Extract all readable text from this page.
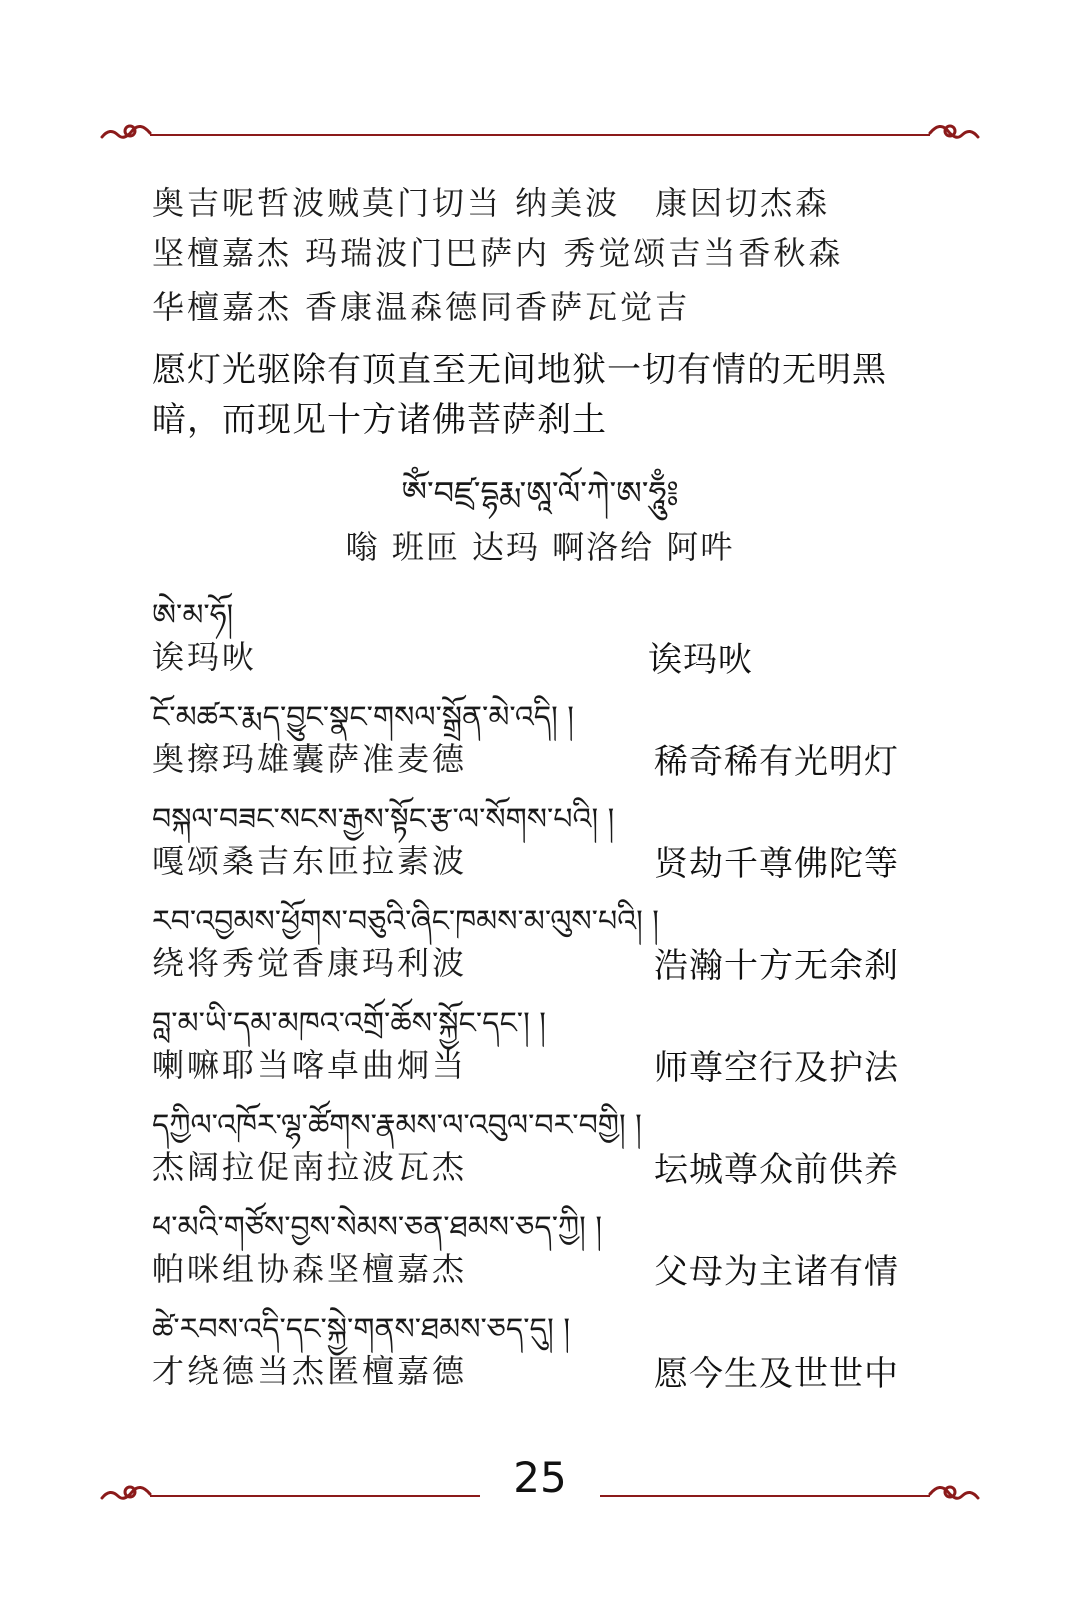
奥吉呢哲波贼莫门切当 纳美波　康因切杰森
坚檀嘉杰 玛瑞波门巴萨内 秀觉颂吉当香秋森
华檀嘉杰 香康温森德同香萨瓦觉吉
愿灯光驱除有顶直至无间地狱一切有情的无明黑
暗，而现见十方诸佛菩萨刹土
ༀ་བཛྲ་དྷརྨ་ཨཱ་ལོ་ཀེ་ཨ་ཧཱུྃ༔
嗡 班匝 达玛 啊洛给 阿吽
ཨེ་མ་ཧོ།
诶玛吙	诶玛吙
ངོ་མཚར་རྨད་བྱུང་སྣང་གསལ་སྒྲོན་མེ་འདི། །
奥擦玛雄囊萨准麦德	稀奇稀有光明灯
བསྐལ་བཟང་སངས་རྒྱས་སྟོང་རྩ་ལ་སོགས་པའི། །
嘎颂桑吉东匝拉素波	贤劫千尊佛陀等
རབ་འབྱམས་ཕྱོགས་བཅུའི་ཞིང་ཁམས་མ་ལུས་པའི། །
绕将秀觉香康玛利波	浩瀚十方无余刹
བླ་མ་ཡི་དམ་མཁའ་འགྲོ་ཆོས་སྐྱོང་དང་། །
喇嘛耶当喀卓曲炯当	师尊空行及护法
དཀྱིལ་འཁོར་ལྷ་ཚོགས་རྣམས་ལ་འབུལ་བར་བགྱི། །
杰阔拉促南拉波瓦杰	坛城尊众前供养
ཕ་མའི་གཙོས་བྱས་སེམས་ཅན་ཐམས་ཅད་ཀྱི། །
帕咪组协森坚檀嘉杰	父母为主诸有情
ཚེ་རབས་འདི་དང་སྐྱེ་གནས་ཐམས་ཅད་དུ། །
才绕德当杰匿檀嘉德	愿今生及世世中
25
